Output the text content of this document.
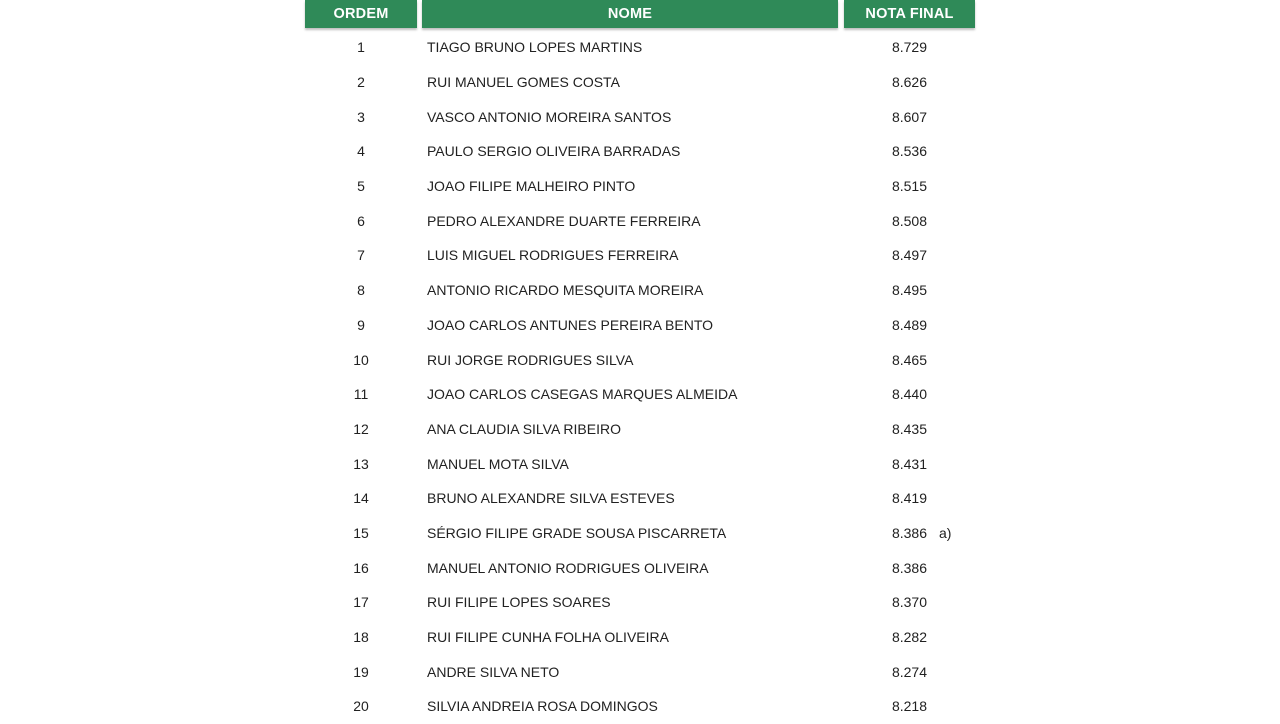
ORDEM	NOME	NOTA FINAL
1	TIAGO BRUNO LOPES MARTINS	8.729
2	RUI MANUEL GOMES COSTA	8.626
3	VASCO ANTONIO MOREIRA SANTOS	8.607
4	PAULO SERGIO OLIVEIRA BARRADAS	8.536
5	JOAO FILIPE MALHEIRO PINTO	8.515
6	PEDRO ALEXANDRE DUARTE FERREIRA	8.508
7	LUIS MIGUEL RODRIGUES FERREIRA	8.497
8	ANTONIO RICARDO MESQUITA MOREIRA	8.495
9	JOAO CARLOS ANTUNES PEREIRA BENTO	8.489
10	RUI JORGE RODRIGUES SILVA	8.465
11	JOAO CARLOS CASEGAS MARQUES ALMEIDA	8.440
12	ANA CLAUDIA SILVA RIBEIRO	8.435
13	MANUEL MOTA SILVA	8.431
14	BRUNO ALEXANDRE SILVA ESTEVES	8.419
15	SÉRGIO FILIPE GRADE SOUSA PISCARRETA	8.386 a)
16	MANUEL ANTONIO RODRIGUES OLIVEIRA	8.386
17	RUI FILIPE LOPES SOARES	8.370
18	RUI FILIPE CUNHA FOLHA OLIVEIRA	8.282
19	ANDRE SILVA NETO	8.274
20	SILVIA ANDREIA ROSA DOMINGOS	8.218
